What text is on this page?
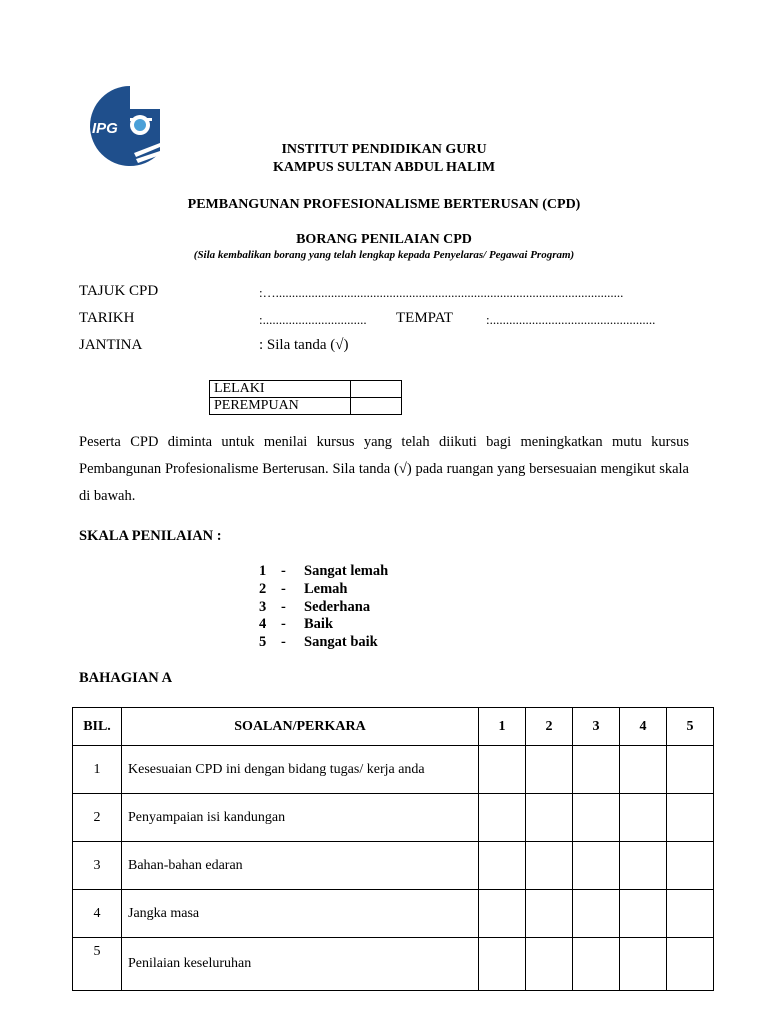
IPG
INSTITUT PENDIDIKAN GURU
KAMPUS SULTAN ABDUL HALIM
PEMBANGUNAN PROFESIONALISME BERTERUSAN (CPD)
BORANG PENILAIAN CPD
(Sila kembalikan borang yang telah lengkap kepada Penyelaras/ Pegawai Program)
TAJUK CPD	:…...........................................................................................................
TARIKH	:................................	TEMPAT	:...................................................
JANTINA	: Sila tanda (√)
LELAKI	
PEREMPUAN	
Peserta CPD diminta untuk menilai kursus yang telah diikuti bagi meningkatkan mutu kursus Pembangunan Profesionalisme Berterusan. Sila tanda (√) pada ruangan yang bersesuaian mengikut skala di bawah.
SKALA PENILAIAN :
1 - Sangat lemah
2 - Lemah
3 - Sederhana
4 - Baik
5 - Sangat baik
BAHAGIAN A
BIL.	SOALAN/PERKARA	1	2	3	4	5
1	Kesesuaian CPD ini dengan bidang tugas/ kerja anda					
2	Penyampaian isi kandungan					
3	Bahan-bahan edaran					
4	Jangka masa					
5	Penilaian keseluruhan					
